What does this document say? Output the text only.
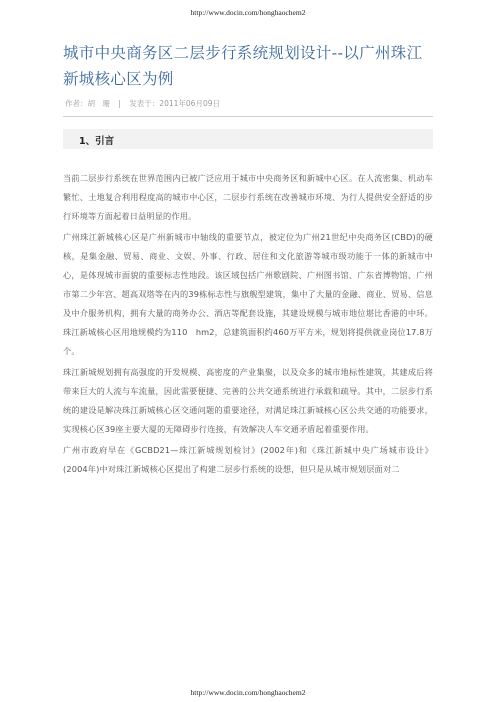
http://www.docin.com/honghaochem2
城市中央商务区二层步行系统规划设计--以广州珠江新城核心区为例
作者：胡　珊 | 发表于：2011年06月09日
1、引言

当前二层步行系统在世界范围内已被广泛应用于城市中央商务区和新城中心区。在人流密集、机动车繁忙、土地复合利用程度高的城市中心区，二层步行系统在改善城市环境、为行人提供安全舒适的步行环境等方面起着日益明显的作用。

广州珠江新城核心区是广州新城市中轴线的重要节点，被定位为广州21世纪中央商务区(CBD)的硬核，是集金融、贸易、商业、文娱、外事、行政、居住和文化旅游等城市级功能于一体的新城市中心，是体现城市面貌的重要标志性地段。该区域包括广州歌剧院、广州图书馆、广东省博物馆、广州市第二少年宫、超高双塔等在内的39栋标志性与旗舰型建筑，集中了大量的金融、商业、贸易、信息及中介服务机构，拥有大量的商务办公、酒店等配套设施，其建设规模与城市地位堪比香港的中环。珠江新城核心区用地规模约为110　hm2，总建筑面积约460万平方米，规划将提供就业岗位17.8万个。

珠江新城规划拥有高强度的开发规模、高密度的产业集聚，以及众多的城市地标性建筑，其建成后将带来巨大的人流与车流量，因此需要便捷、完善的公共交通系统进行承载和疏导。其中，二层步行系统的建设是解决珠江新城核心区交通问题的重要途径，对满足珠江新城核心区公共交通的功能要求，实现核心区39座主要大厦的无障碍步行连接，有效解决人车交通矛盾起着重要作用。

广州市政府早在《GCBD21—珠江新城规划检讨》(2002年)和《珠江新城中央广场城市设计》(2004年)中对珠江新城核心区提出了构建二层步行系统的设想，但只是从城市规划层面对二

http://www.docin.com/honghaochem2
